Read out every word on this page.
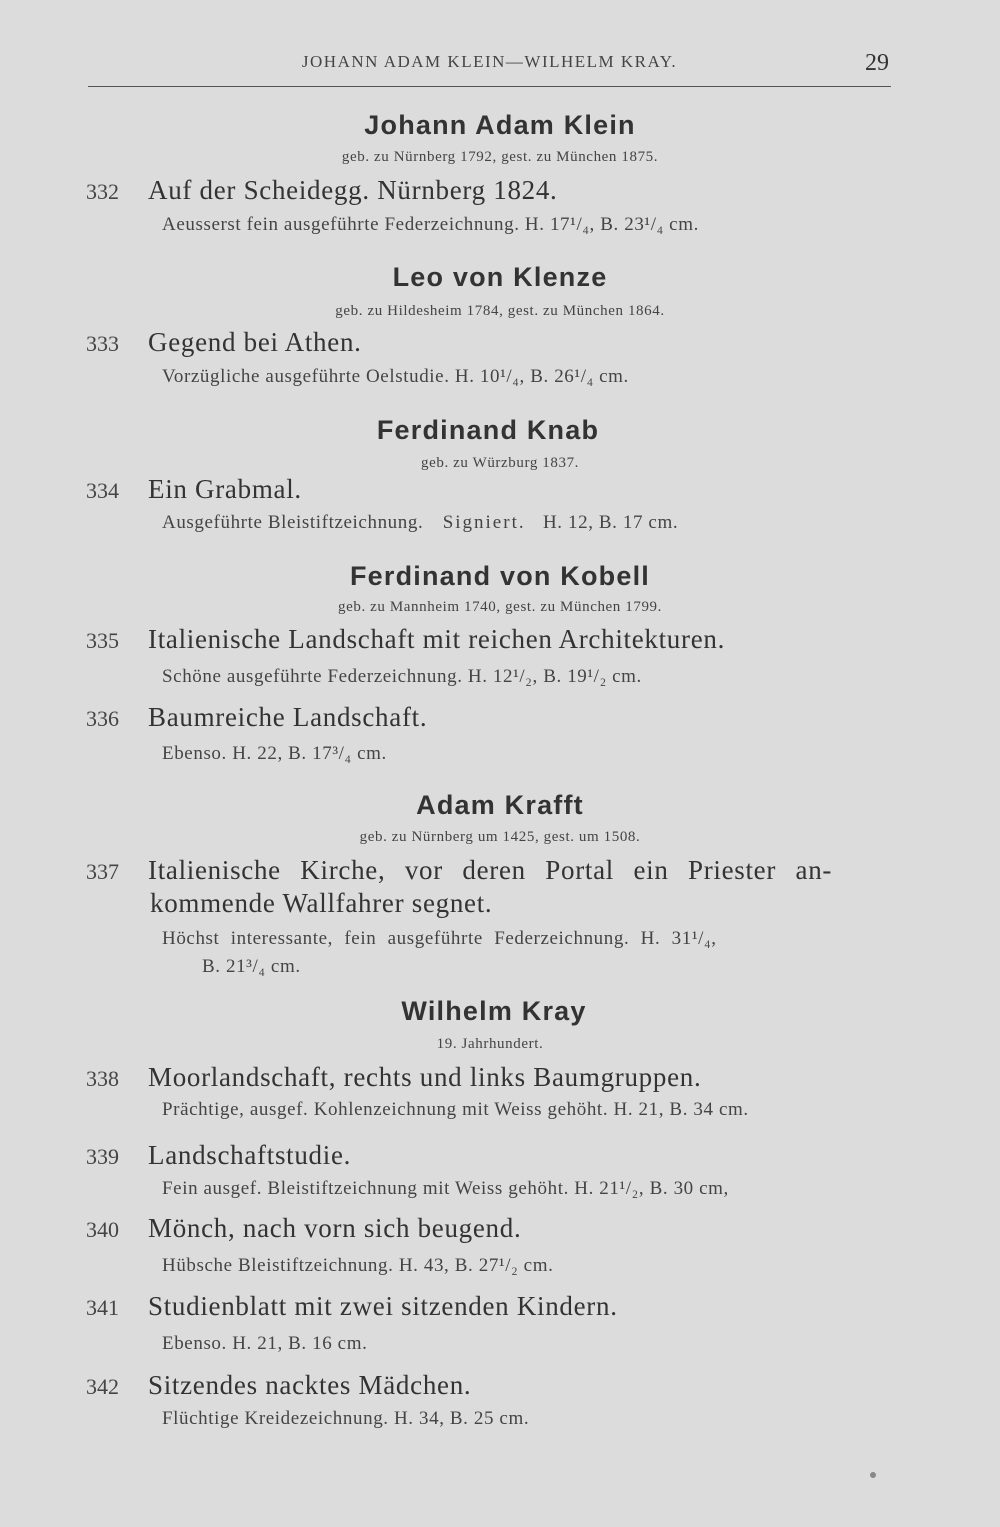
JOHANN ADAM KLEIN—WILHELM KRAY.	29
Johann Adam Klein
geb. zu Nürnberg 1792, gest. zu München 1875.
332 Auf der Scheidegg. Nürnberg 1824.
Aeusserst fein ausgeführte Federzeichnung. H. 17¹/₄, B. 23¹/₄ cm.
Leo von Klenze
geb. zu Hildesheim 1784, gest. zu München 1864.
333 Gegend bei Athen.
Vorzügliche ausgeführte Oelstudie. H. 10¹/₄, B. 26¹/₄ cm.
Ferdinand Knab
geb. zu Würzburg 1837.
334 Ein Grabmal.
Ausgeführte Bleistiftzeichnung. Signiert. H. 12, B. 17 cm.
Ferdinand von Kobell
geb. zu Mannheim 1740, gest. zu München 1799.
335 Italienische Landschaft mit reichen Architekturen.
Schöne ausgeführte Federzeichnung. H. 12¹/₂, B. 19¹/₂ cm.
336 Baumreiche Landschaft.
Ebenso. H. 22, B. 17³/₄ cm.
Adam Krafft
geb. zu Nürnberg um 1425, gest. um 1508.
337 Italienische Kirche, vor deren Portal ein Priester an-
kommende Wallfahrer segnet.
Höchst interessante, fein ausgeführte Federzeichnung. H. 31¹/₄,
B. 21³/₄ cm.
Wilhelm Kray
19. Jahrhundert.
338 Moorlandschaft, rechts und links Baumgruppen.
Prächtige, ausgef. Kohlenzeichnung mit Weiss gehöht. H. 21, B. 34 cm.
339 Landschaftstudie.
Fein ausgef. Bleistiftzeichnung mit Weiss gehöht. H. 21¹/₂, B. 30 cm,
340 Mönch, nach vorn sich beugend.
Hübsche Bleistiftzeichnung. H. 43, B. 27¹/₂ cm.
341 Studienblatt mit zwei sitzenden Kindern.
Ebenso. H. 21, B. 16 cm.
342 Sitzendes nacktes Mädchen.
Flüchtige Kreidezeichnung. H. 34, B. 25 cm.
